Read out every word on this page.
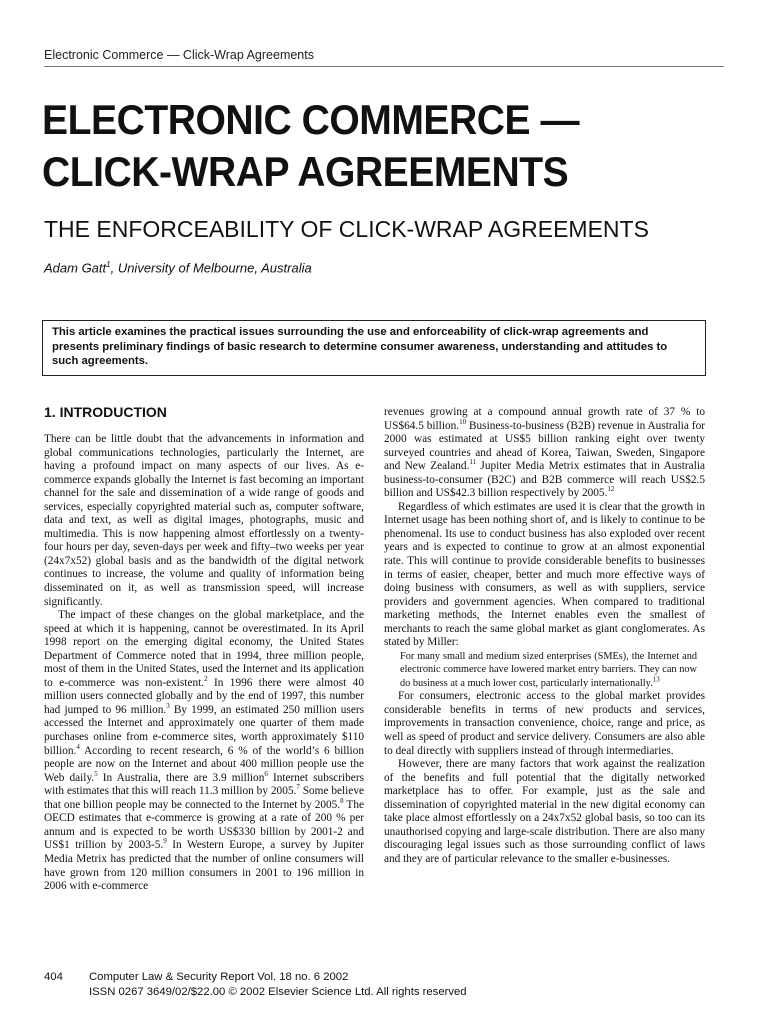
Electronic Commerce — Click-Wrap Agreements
ELECTRONIC COMMERCE —
CLICK-WRAP AGREEMENTS
THE ENFORCEABILITY OF CLICK-WRAP AGREEMENTS
Adam Gatt$^1$, University of Melbourne, Australia
This article examines the practical issues surrounding the use and enforceability of click-wrap agreements and presents preliminary findings of basic research to determine consumer awareness, understanding and attitudes to such agreements.
1. INTRODUCTION

There can be little doubt that the advancements in information and global communications technologies, particularly the Internet, are having a profound impact on many aspects of our lives. As e-commerce expands globally the Internet is fast becoming an important channel for the sale and dissemination of a wide range of goods and services, especially copyrighted material such as, computer software, data and text, as well as digital images, photographs, music and multimedia. This is now happening almost effortlessly on a twenty-four hours per day, seven-days per week and fifty–two weeks per year (24x7x52) global basis and as the bandwidth of the digital network continues to increase, the volume and quality of information being disseminated on it, as well as transmission speed, will increase significantly.

The impact of these changes on the global marketplace, and the speed at which it is happening, cannot be overestimated. In its April 1998 report on the emerging digital economy, the United States Department of Commerce noted that in 1994, three million people, most of them in the United States, used the Internet and its application to e-commerce was non-existent.$^2$ In 1996 there were almost 40 million users connected globally and by the end of 1997, this number had jumped to 96 million.$^3$ By 1999, an estimated 250 million users accessed the Internet and approximately one quarter of them made purchases online from e-commerce sites, worth approximately $110 billion.$^4$ According to recent research, 6 % of the world’s 6 billion people are now on the Internet and about 400 million people use the Web daily.$^5$ In Australia, there are 3.9 million$^6$ Internet subscribers with estimates that this will reach 11.3 million by 2005.$^7$ Some believe that one billion people may be connected to the Internet by 2005.$^8$ The OECD estimates that e-commerce is growing at a rate of 200 % per annum and is expected to be worth US$330 billion by 2001-2 and US$1 trillion by 2003-5.$^9$ In Western Europe, a survey by Jupiter Media Metrix has predicted that the number of online consumers will have grown from 120 million consumers in 2001 to 196 million in 2006 with e-commerce

revenues growing at a compound annual growth rate of 37 % to US$64.5 billion.$^{10}$ Business-to-business (B2B) revenue in Australia for 2000 was estimated at US$5 billion ranking eight over twenty surveyed countries and ahead of Korea, Taiwan, Sweden, Singapore and New Zealand.$^{11}$ Jupiter Media Metrix estimates that in Australia business-to-consumer (B2C) and B2B commerce will reach US$2.5 billion and US$42.3 billion respectively by 2005.12

Regardless of which estimates are used it is clear that the growth in Internet usage has been nothing short of, and is likely to continue to be phenomenal. Its use to conduct business has also exploded over recent years and is expected to continue to grow at an almost exponential rate. This will continue to provide considerable benefits to businesses in terms of easier, cheaper, better and much more effective ways of doing business with consumers, as well as with suppliers, service providers and government agencies. When compared to traditional marketing methods, the Internet enables even the smallest of merchants to reach the same global market as giant conglomerates. As stated by Miller:

For many small and medium sized enterprises (SMEs), the Internet and electronic commerce have lowered market entry barriers. They can now do business at a much lower cost, particularly internationally.$^{13}$

For consumers, electronic access to the global market provides considerable benefits in terms of new products and services, improvements in transaction convenience, choice, range and price, as well as speed of product and service delivery. Consumers are also able to deal directly with suppliers instead of through intermediaries.

However, there are many factors that work against the realization of the benefits and full potential that the digitally networked marketplace has to offer. For example, just as the sale and dissemination of copyrighted material in the new digital economy can take place almost effortlessly on a 24x7x52 global basis, so too can its unauthorised copying and large-scale distribution. There are also many discouraging legal issues such as those surrounding conflict of laws and they are of particular relevance to the smaller e-businesses.

404 Computer Law & Security Report Vol. 18 no. 6 2002
ISSN 0267 3649/02/$22.00 © 2002 Elsevier Science Ltd. All rights reserved
